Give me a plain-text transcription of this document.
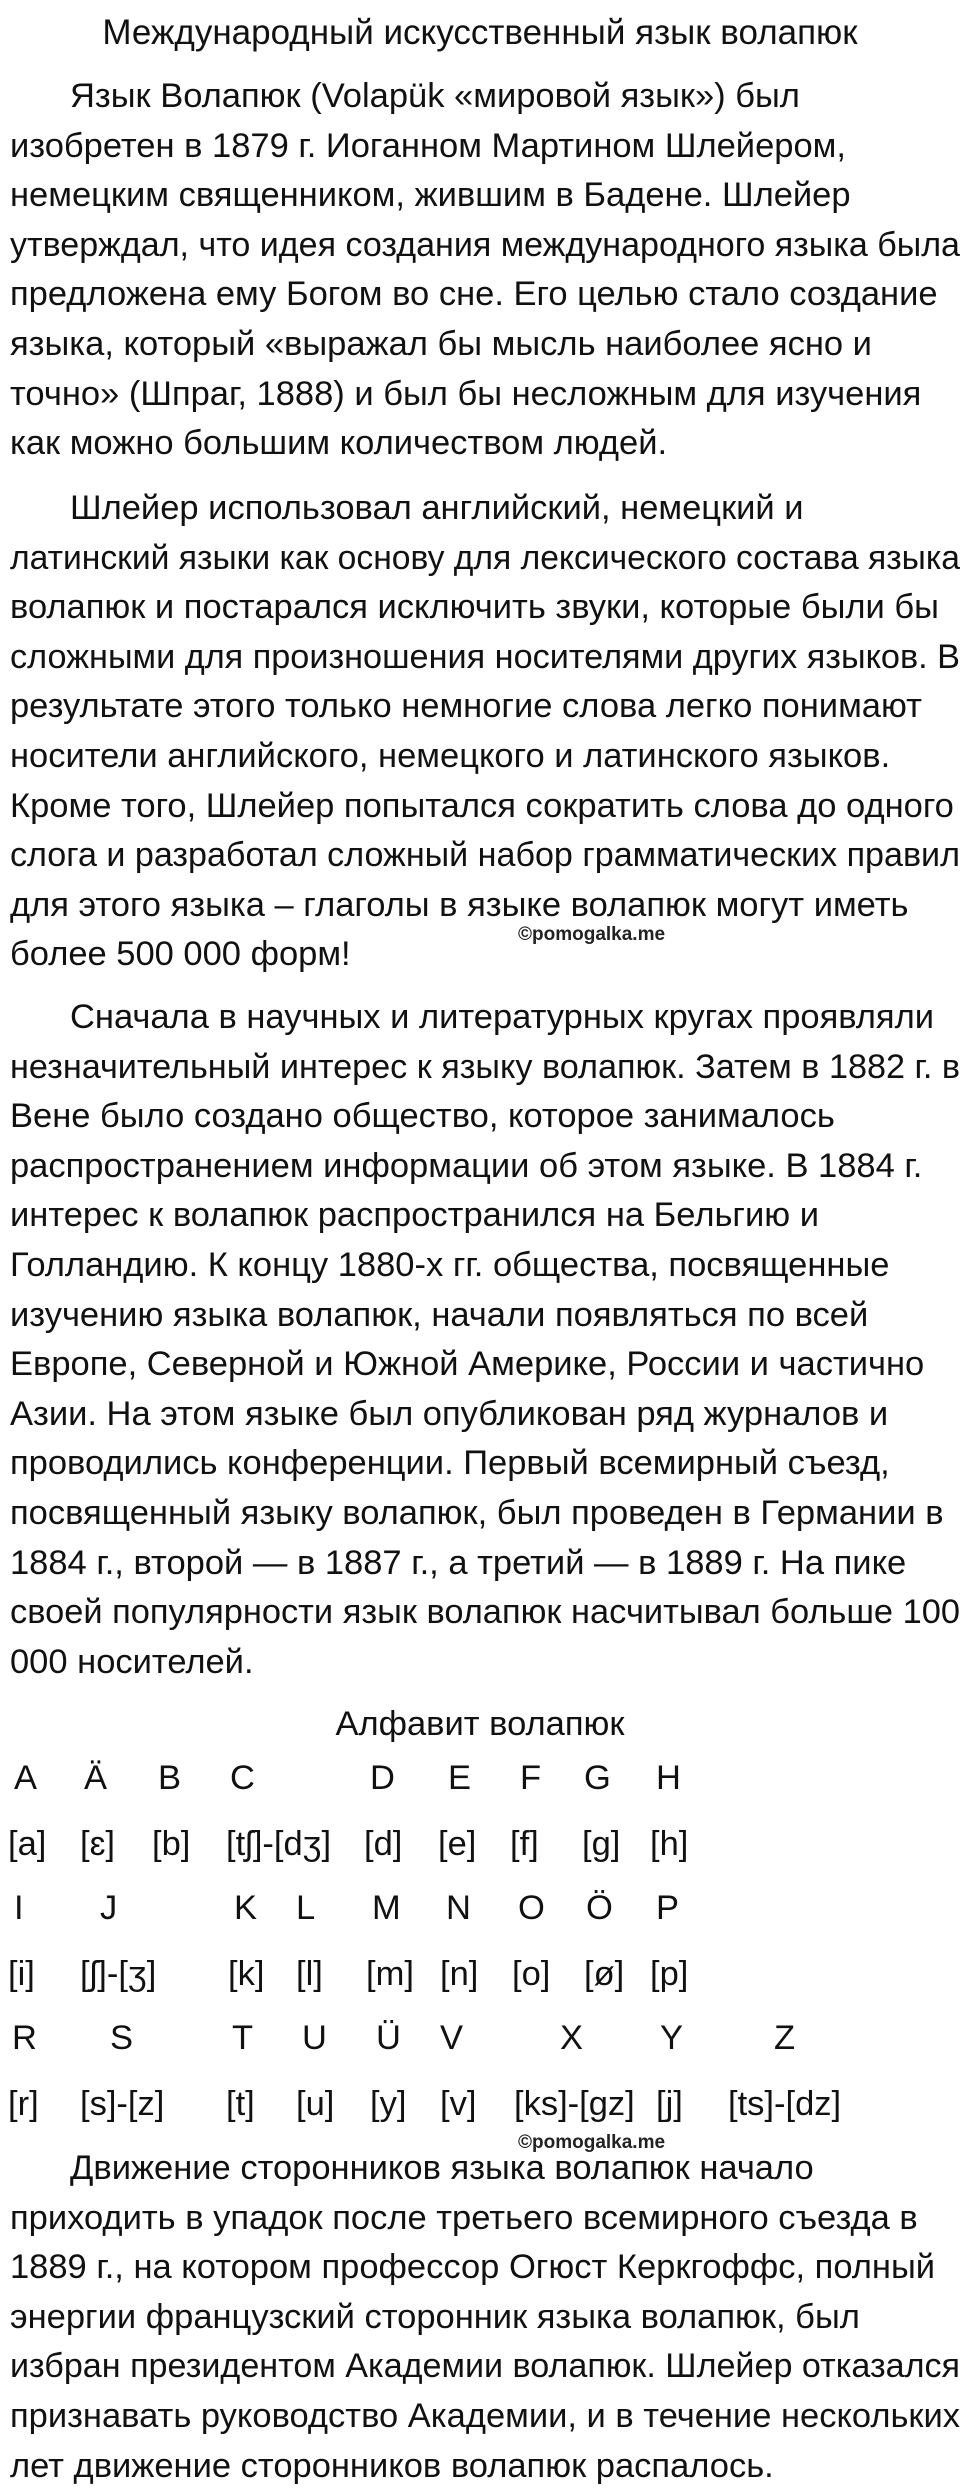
Международный искусственный язык волапюк
Язык Волапюк (Volapük «мировой язык») был
изобретен в 1879 г. Иоганном Мартином Шлейером,
немецким священником, жившим в Бадене. Шлейер
утверждал, что идея создания международного языка была
предложена ему Богом во сне. Его целью стало создание
языка, который «выражал бы мысль наиболее ясно и
точно» (Шпраг, 1888) и был бы несложным для изучения
как можно большим количеством людей.
Шлейер использовал английский, немецкий и
латинский языки как основу для лексического состава языка
волапюк и постарался исключить звуки, которые были бы
сложными для произношения носителями других языков. В
результате этого только немногие слова легко понимают
носители английского, немецкого и латинского языков.
Кроме того, Шлейер попытался сократить слова до одного
слога и разработал сложный набор грамматических правил
для этого языка – глаголы в языке волапюк могут иметь
более 500 000 форм!
©pomogalka.me
Сначала в научных и литературных кругах проявляли
незначительный интерес к языку волапюк. Затем в 1882 г. в
Вене было создано общество, которое занималось
распространением информации об этом языке. В 1884 г.
интерес к волапюк распространился на Бельгию и
Голландию. К концу 1880-х гг. общества, посвященные
изучению языка волапюк, начали появляться по всей
Европе, Северной и Южной Америке, России и частично
Азии. На этом языке был опубликован ряд журналов и
проводились конференции. Первый всемирный съезд,
посвященный языку волапюк, был проведен в Германии в
1884 г., второй — в 1887 г., а третий — в 1889 г. На пике
своей популярности язык волапюк насчитывал больше 100
000 носителей.
Алфавит волапюк
A Ä B C	D E F G H
[a] [ɛ] [b] [tʃ]-[dʒ] [d] [e] [f] [g] [h]
I J	K L M N O Ö P
[i] [ʃ]-[ʒ] [k] [l] [m] [n] [o] [ø] [p]
R S	T U Ü V	X Y	Z
[r] [s]-[z] [t] [u] [y] [v] [ks]-[gz] [j] [ts]-[dz]
©pomogalka.me
Движение сторонников языка волапюк начало
приходить в упадок после третьего всемирного съезда в
1889 г., на котором профессор Огюст Керкгоффс, полный
энергии французский сторонник языка волапюк, был
избран президентом Академии волапюк. Шлейер отказался
признавать руководство Академии, и в течение нескольких
лет движение сторонников волапюк распалось.
